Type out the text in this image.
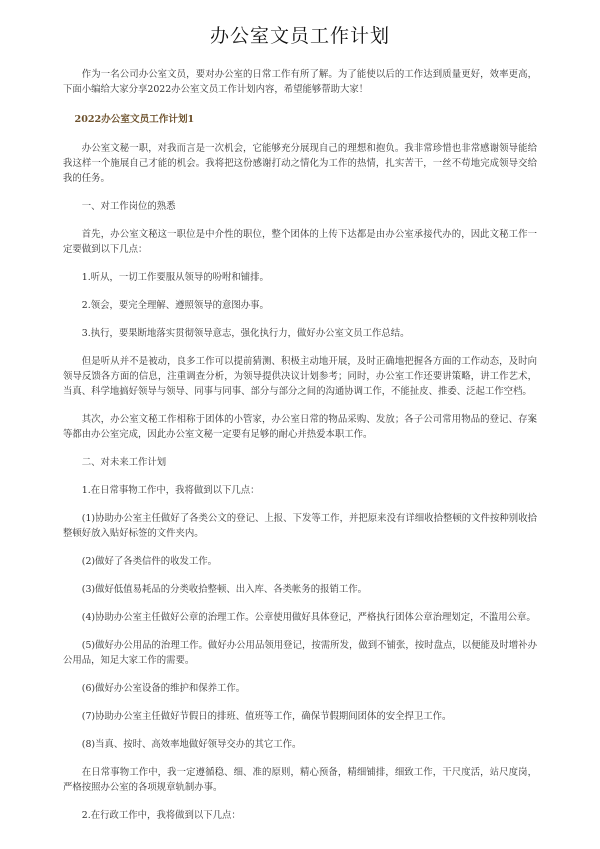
办公室文员工作计划

作为一名公司办公室文员，要对办公室的日常工作有所了解。为了能使以后的工作达到质量更好，效率更高，下面小编给大家分享2022办公室文员工作计划内容，希望能够帮助大家！

2022办公室文员工作计划1

办公室文秘一职，对我而言是一次机会，它能够充分展现自己的理想和抱负。我非常珍惜也非常感谢领导能给我这样一个施展自己才能的机会。我将把这份感谢打动之情化为工作的热情，扎实苦干，一丝不苟地完成领导交给我的任务。

一、对工作岗位的熟悉

首先，办公室文秘这一职位是中介性的职位，整个团体的上传下达都是由办公室承接代办的，因此文秘工作一定要做到以下几点：

1.听从，一切工作要服从领导的吩咐和铺排。

2.领会，要完全理解、遵照领导的意图办事。

3.执行，要果断地落实贯彻领导意志，强化执行力，做好办公室文员工作总结。

但是听从并不是被动，良多工作可以提前猜测、积极主动地开展，及时正确地把握各方面的工作动态，及时向领导反馈各方面的信息，注重调查分析，为领导提供决议计划参考；同时，办公室工作还要讲策略，讲工作艺术，当真、科学地搞好领导与领导、同事与同事、部分与部分之间的沟通协调工作，不能扯皮、推委、泛起工作空档。

其次，办公室文秘工作相称于团体的小管家，办公室日常的物品采购、发放；各子公司常用物品的登记、存案等都由办公室完成，因此办公室文秘一定要有足够的耐心并热爱本职工作。

二、对未来工作计划

1.在日常事物工作中，我将做到以下几点：

(1)协助办公室主任做好了各类公文的登记、上报、下发等工作，并把原来没有详细收拾整顿的文件按种别收拾整顿好放入贴好标签的文件夹内。

(2)做好了各类信件的收发工作。

(3)做好低值易耗品的分类收拾整顿、出入库、各类帐务的报销工作。

(4)协助办公室主任做好公章的治理工作。公章使用做好具体登记，严格执行团体公章治理划定，不滥用公章。

(5)做好办公用品的治理工作。做好办公用品领用登记，按需所发，做到不铺张，按时盘点，以便能及时增补办公用品，知足大家工作的需要。

(6)做好办公室设备的维护和保养工作。

(7)协助办公室主任做好节假日的排班、值班等工作，确保节假期间团体的安全捍卫工作。

(8)当真、按时、高效率地做好领导交办的其它工作。

在日常事物工作中，我一定遵循稳、细、准的原则，精心预备，精细铺排，细致工作，干尺度活，站尺度岗，严格按照办公室的各项规章轨制办事。

2.在行政工作中，我将做到以下几点：
